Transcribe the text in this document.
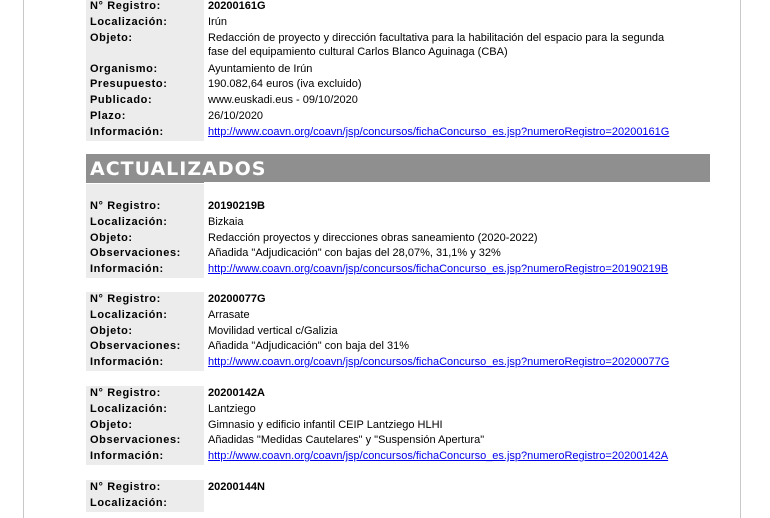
N° Registro:	20200161G
Localización:	Irún
Objeto:	Redacción de proyecto y dirección facultativa para la habilitación del espacio para la segunda fase del equipamiento cultural Carlos Blanco Aguinaga (CBA)
Organismo:	Ayuntamiento de Irún
Presupuesto:	190.082,64 euros (iva excluido)
Publicado:	www.euskadi.eus - 09/10/2020
Plazo:	26/10/2020
Información:	http://www.coavn.org/coavn/jsp/concursos/fichaConcurso_es.jsp?numeroRegistro=20200161G
ACTUALIZADOS
N° Registro:	20190219B
Localización:	Bizkaia
Objeto:	Redacción proyectos y direcciones obras saneamiento (2020-2022)
Observaciones:	Añadida "Adjudicación" con bajas del 28,07%, 31,1% y 32%
Información:	http://www.coavn.org/coavn/jsp/concursos/fichaConcurso_es.jsp?numeroRegistro=20190219B
N° Registro:	20200077G
Localización:	Arrasate
Objeto:	Movilidad vertical c/Galizia
Observaciones:	Añadida "Adjudicación" con baja del 31%
Información:	http://www.coavn.org/coavn/jsp/concursos/fichaConcurso_es.jsp?numeroRegistro=20200077G
N° Registro:	20200142A
Localización:	Lantziego
Objeto:	Gimnasio y edificio infantil CEIP Lantziego HLHI
Observaciones:	Añadidas "Medidas Cautelares" y "Suspensión Apertura"
Información:	http://www.coavn.org/coavn/jsp/concursos/fichaConcurso_es.jsp?numeroRegistro=20200142A
N° Registro:	20200144N
Localización:
